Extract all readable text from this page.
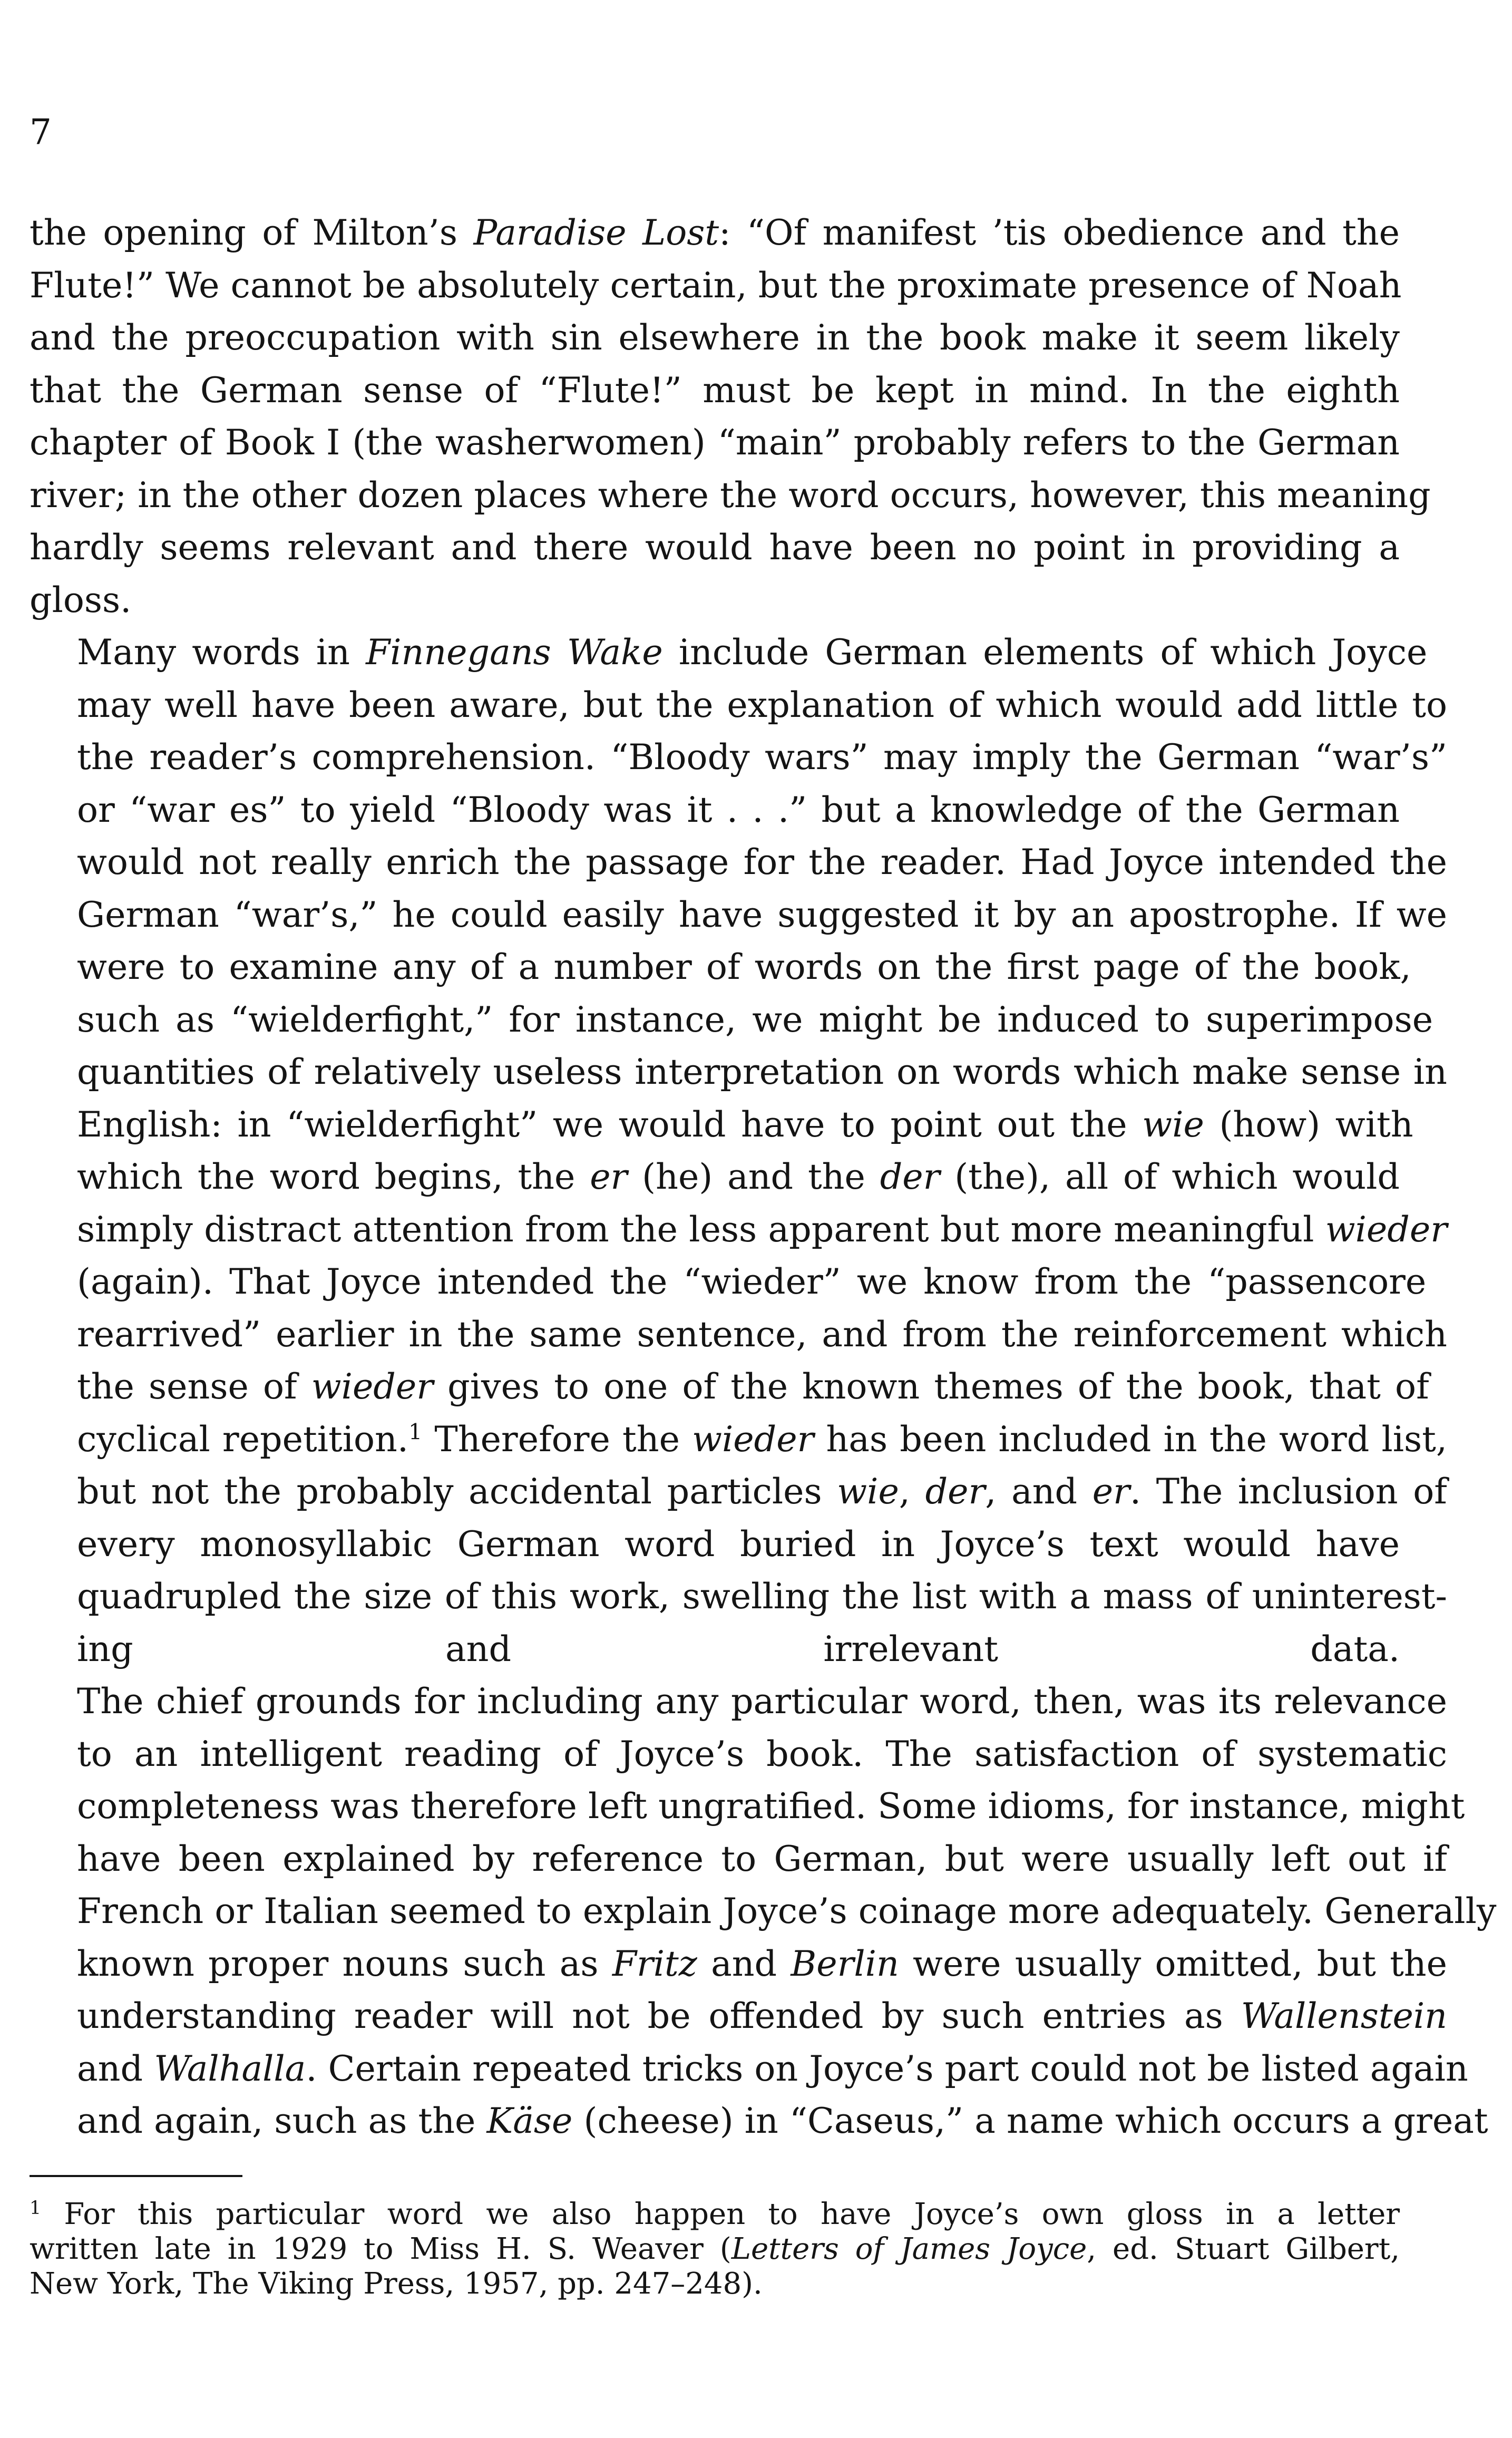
7
the opening of Milton’s Paradise Lost: “Of manifest ’tis obedience and the
Flute!” We cannot be absolutely certain, but the proximate presence of Noah
and the preoccupation with sin elsewhere in the book make it seem likely
that the German sense of “Flute!” must be kept in mind. In the eighth
chapter of Book I (the washerwomen) “main” probably refers to the German
river; in the other dozen places where the word occurs, however, this meaning
hardly seems relevant and there would have been no point in providing a
gloss.
Many words in Finnegans Wake include German elements of which Joyce
may well have been aware, but the explanation of which would add little to
the reader’s comprehension. “Bloody wars” may imply the German “war’s”
or “war es” to yield “Bloody was it . . .” but a knowledge of the German
would not really enrich the passage for the reader. Had Joyce intended the
German “war’s,” he could easily have suggested it by an apostrophe. If we
were to examine any of a number of words on the first page of the book,
such as “wielderfight,” for instance, we might be induced to superimpose
quantities of relatively useless interpretation on words which make sense in
English: in “wielderfight” we would have to point out the wie (how) with
which the word begins, the er (he) and the der (the), all of which would
simply distract attention from the less apparent but more meaningful wieder
(again). That Joyce intended the “wieder” we know from the “passencore
rearrived” earlier in the same sentence, and from the reinforcement which
the sense of wieder gives to one of the known themes of the book, that of
cyclical repetition.$^1$ Therefore the wieder has been included in the word list,
but not the probably accidental particles wie, der, and er. The inclusion of
every monosyllabic German word buried in Joyce’s text would have
quadrupled the size of this work, swelling the list with a mass of uninterest-
ing and irrelevant data.
The chief grounds for including any particular word, then, was its relevance
to an intelligent reading of Joyce’s book. The satisfaction of systematic
completeness was therefore left ungratified. Some idioms, for instance, might
have been explained by reference to German, but were usually left out if
French or Italian seemed to explain Joyce’s coinage more adequately. Generally
known proper nouns such as Fritz and Berlin were usually omitted, but the
understanding reader will not be offended by such entries as Wallenstein
and Walhalla. Certain repeated tricks on Joyce’s part could not be listed again
and again, such as the Käse (cheese) in “Caseus,” a name which occurs a great
$^1$ For this particular word we also happen to have Joyce’s own gloss in a letter
written late in 1929 to Miss H. S. Weaver (Letters of James Joyce, ed. Stuart Gilbert,
New York, The Viking Press, 1957, pp. 247–248).
